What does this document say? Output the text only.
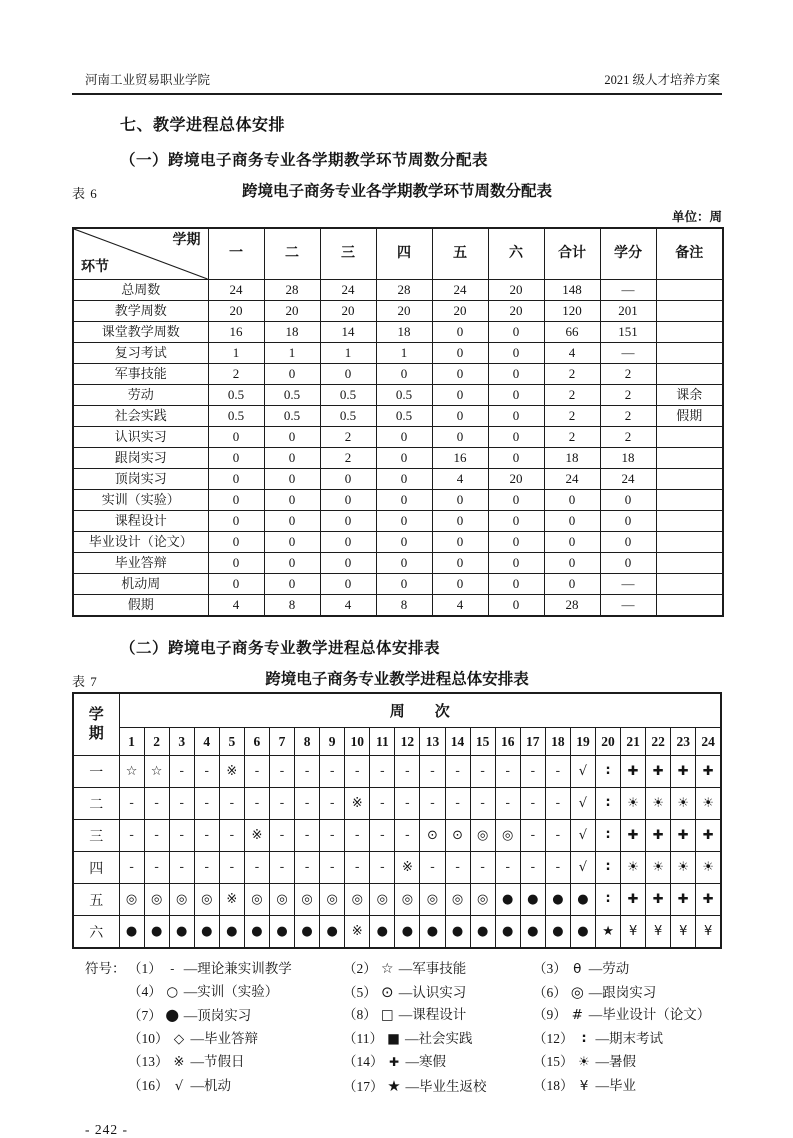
河南工业贸易职业学院	2021 级人才培养方案
七、教学进程总体安排
（一）跨境电子商务专业各学期教学环节周数分配表
表 6	跨境电子商务专业各学期教学环节周数分配表
单位：周
学期
环节	一	二	三	四	五	六	合计	学分	备注
总周数	24	28	24	28	24	20	148	—	
教学周数	20	20	20	20	20	20	120	201	
课堂教学周数	16	18	14	18	0	0	66	151	
复习考试	1	1	1	1	0	0	4	—	
军事技能	2	0	0	0	0	0	2	2	
劳动	0.5	0.5	0.5	0.5	0	0	2	2	课余
社会实践	0.5	0.5	0.5	0.5	0	0	2	2	假期
认识实习	0	0	2	0	0	0	2	2	
跟岗实习	0	0	2	0	16	0	18	18	
顶岗实习	0	0	0	0	4	20	24	24	
实训（实验）	0	0	0	0	0	0	0	0	
课程设计	0	0	0	0	0	0	0	0	
毕业设计（论文）	0	0	0	0	0	0	0	0	
毕业答辩	0	0	0	0	0	0	0	0	
机动周	0	0	0	0	0	0	0	—	
假期	4	8	4	8	4	0	28	—	
（二）跨境电子商务专业教学进程总体安排表
表 7	跨境电子商务专业教学进程总体安排表
学
期	周　　次																							
	1	2	3	4	5	6	7	8	9	10	11	12	13	14	15	16	17	18	19	20	21	22	23	24
一	☆	☆	-	-	※	-	-	-	-	-	-	-	-	-	-	-	-	-	√	∶	✚	✚	✚	✚
二	-	-	-	-	-	-	-	-	-	※	-	-	-	-	-	-	-	-	√	∶	☀	☀	☀	☀
三	-	-	-	-	-	※	-	-	-	-	-	-	⊙	⊙	◎	◎	-	-	√	∶	✚	✚	✚	✚
四	-	-	-	-	-	-	-	-	-	-	-	※	-	-	-	-	-	-	√	∶	☀	☀	☀	☀
五	◎	◎	◎	◎	※	◎	◎	◎	◎	◎	◎	◎	◎	◎	◎	●	●	●	●	∶	✚	✚	✚	✚
六	●	●	●	●	●	●	●	●	●	※	●	●	●	●	●	●	●	●	●	★	¥	¥	¥	¥
符号： （1） - —理论兼实训教学	（2） ☆ —军事技能	（3） θ —劳动
（4） ○ —实训（实验）	（5） ⊙ —认识实习	（6） ◎ —跟岗实习
（7） ● —顶岗实习	（8） □ —课程设计	（9） # —毕业设计（论文）
（10） ◇ —毕业答辩	（11） ■ —社会实践	（12） ∶ —期末考试
（13） ※ —节假日	（14） ✚ —寒假	（15） ☀ —暑假
（16） √ —机动	（17） ★ —毕业生返校	（18） ¥ —毕业
- 242 -
